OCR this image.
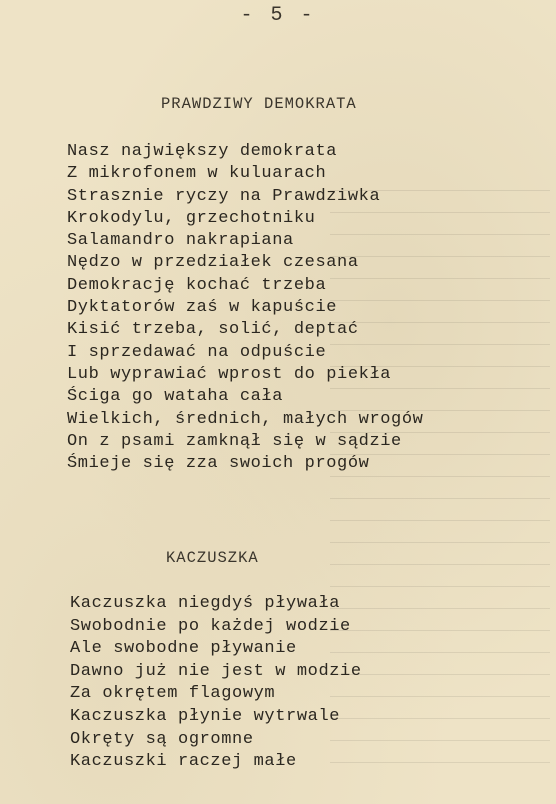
- 5 -
PRAWDZIWY DEMOKRATA
Nasz największy demokrata
Z mikrofonem w kuluarach
Strasznie ryczy na Prawdziwka
Krokodylu, grzechotniku
Salamandro nakrapiana
Nędzo w przedziałek czesana
Demokrację kochać trzeba
Dyktatorów zaś w kapuście
Kisić trzeba, solić, deptać
I sprzedawać na odpuście
Lub wyprawiać wprost do piekła
Ściga go wataha cała
Wielkich, średnich, małych wrogów
On z psami zamknął się w sądzie
Śmieje się zza swoich progów
KACZUSZKA
Kaczuszka niegdyś pływała
Swobodnie po każdej wodzie
Ale swobodne pływanie
Dawno już nie jest w modzie
Za okrętem flagowym
Kaczuszka płynie wytrwale
Okręty są ogromne
Kaczuszki raczej małe
